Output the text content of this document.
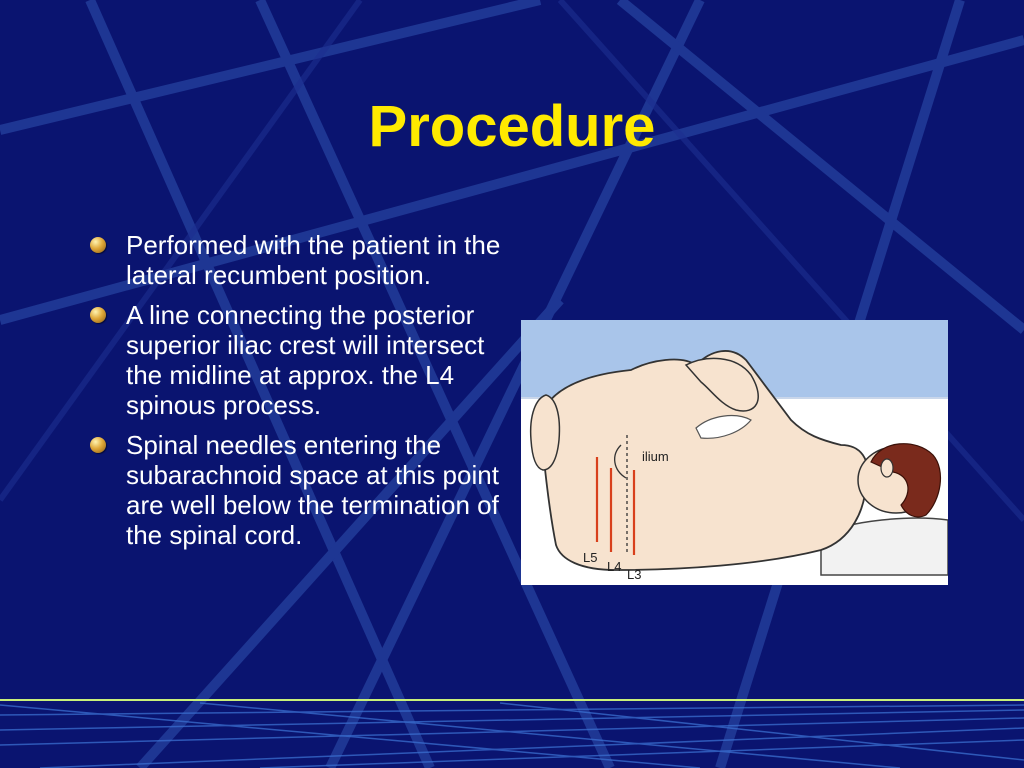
Procedure
Performed with the patient in the lateral recumbent position.
A line connecting the posterior superior iliac crest will intersect the midline at approx. the L4 spinous process.
Spinal needles entering the subarachnoid space at this point are well below the termination of the spinal cord.
ilium
L5
L4
L3
